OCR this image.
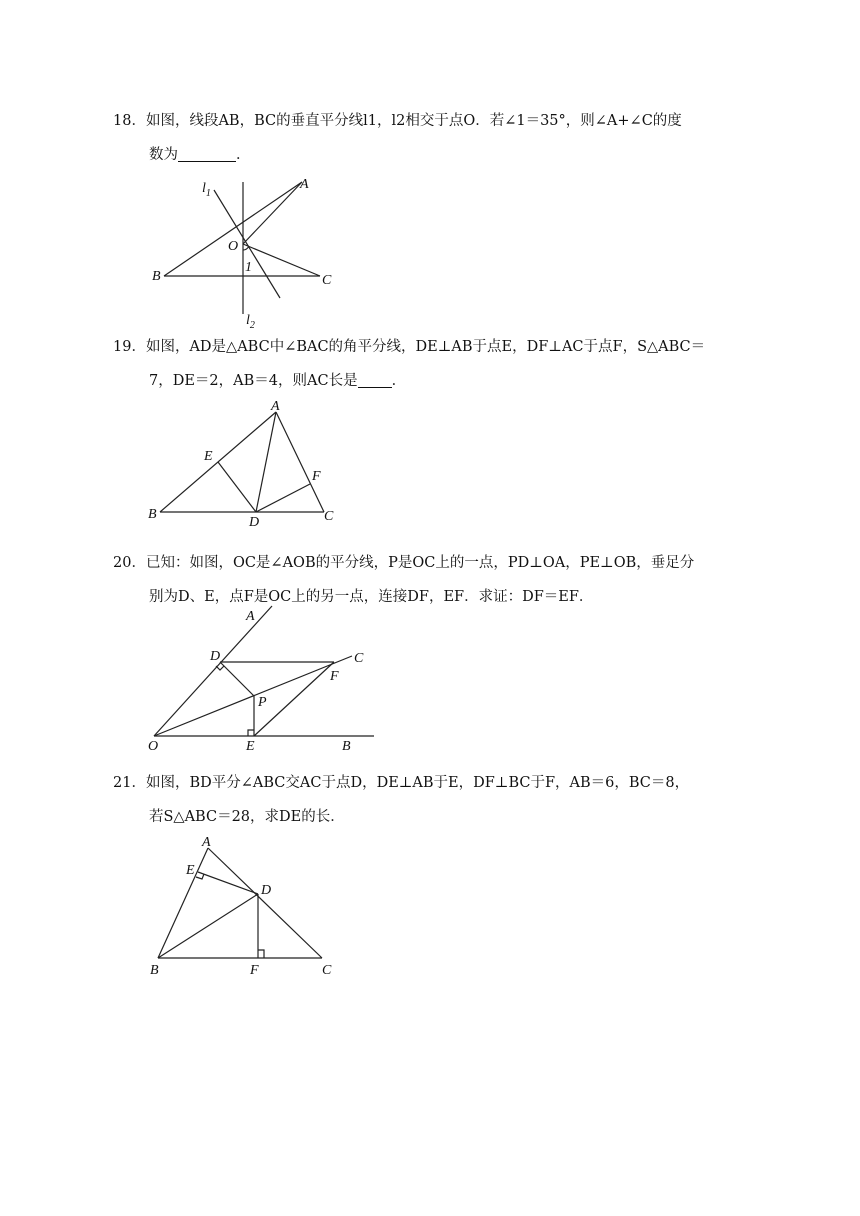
18．如图，线段AB，BC的垂直平分线l1，l2相交于点O．若∠1＝35°，则∠A+∠C的度
数为	．
$l_1$
A
O
1
B	C
$l_2$
19．如图，AD是△ABC中∠BAC的角平分线，DE⊥AB于点E，DF⊥AC于点F，S△ABC＝
7，DE＝2，AB＝4，则AC长是 ．
A
E
F
B
D	C
20．已知：如图，OC是∠AOB的平分线，P是OC上的一点，PD⊥OA，PE⊥OB，垂足分
别为D、E，点F是OC上的另一点，连接DF，EF．求证：DF＝EF．
A
D	C
F
P
O	E	B
21．如图，BD平分∠ABC交AC于点D，DE⊥AB于E，DF⊥BC于F，AB＝6，BC＝8，
若S△ABC＝28，求DE的长．
A
E
D
B	F	C
